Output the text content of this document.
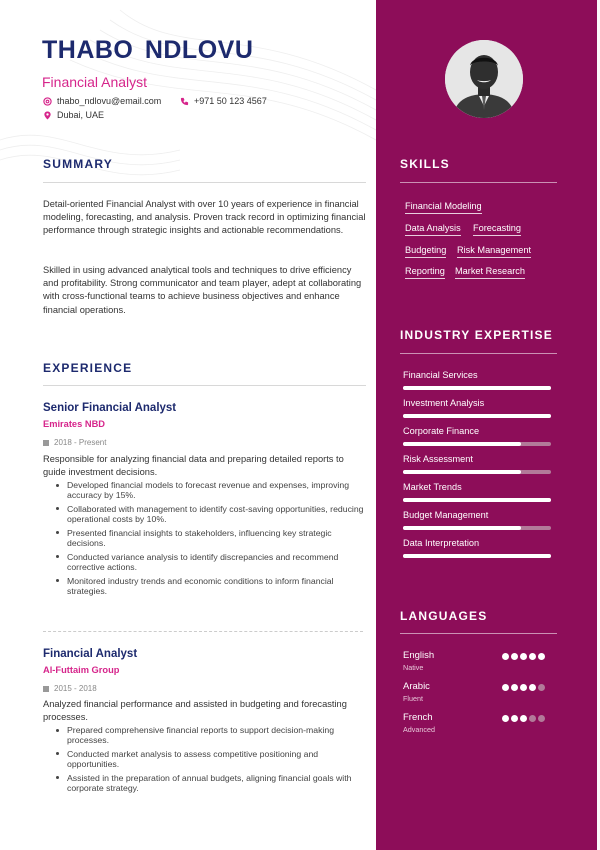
THABO NDLOVU
Financial Analyst
thabo_ndlovu@email.com	+971 50 123 4567
Dubai, UAE
SUMMARY
Detail-oriented Financial Analyst with over 10 years of experience in financial modeling, forecasting, and analysis. Proven track record in optimizing financial performance through strategic insights and actionable recommendations.
Skilled in using advanced analytical tools and techniques to drive efficiency and profitability. Strong communicator and team player, adept at collaborating with cross-functional teams to achieve business objectives and enhance financial operations.
EXPERIENCE
Senior Financial Analyst
Emirates NBD
2018 - Present
Responsible for analyzing financial data and preparing detailed reports to guide investment decisions.
Developed financial models to forecast revenue and expenses, improving accuracy by 15%.
Collaborated with management to identify cost-saving opportunities, reducing operational costs by 10%.
Presented financial insights to stakeholders, influencing key strategic decisions.
Conducted variance analysis to identify discrepancies and recommend corrective actions.
Monitored industry trends and economic conditions to inform financial strategies.
Financial Analyst
Al-Futtaim Group
2015 - 2018
Analyzed financial performance and assisted in budgeting and forecasting processes.
Prepared comprehensive financial reports to support decision-making processes.
Conducted market analysis to assess competitive positioning and opportunities.
Assisted in the preparation of annual budgets, aligning financial goals with corporate strategy.
SKILLS
Financial Modeling
Data Analysis Forecasting
Budgeting Risk Management
Reporting Market Research
INDUSTRY EXPERTISE
Financial Services
Investment Analysis
Corporate Finance
Risk Assessment
Market Trends
Budget Management
Data Interpretation
LANGUAGES
English
Native
Arabic
Fluent
French
Advanced
